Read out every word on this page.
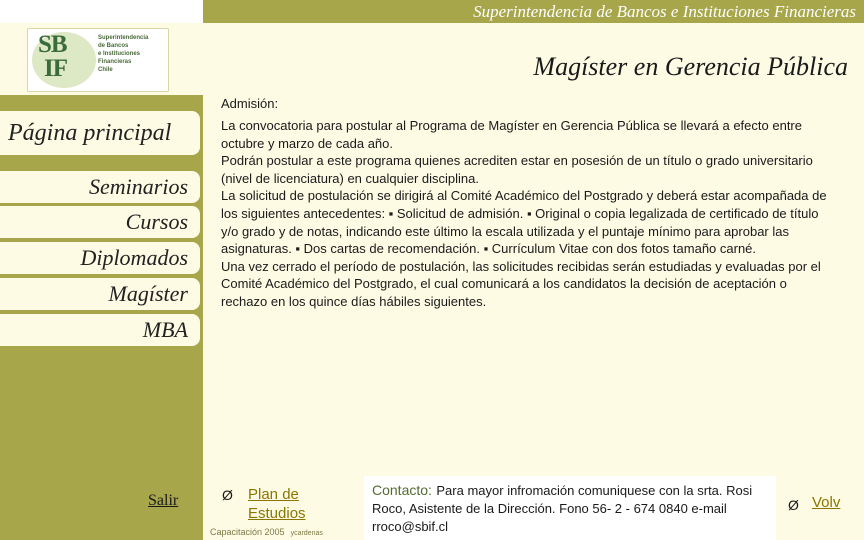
Superintendencia de Bancos e Instituciones Financieras
SB
IF
Superintendencia
de Bancos
e Instituciones
Financieras
Chile	Magíster en Gerencia Pública
Página principal
Seminarios
Cursos
Diplomados
Magíster
MBA
Salir
Admisión:

La convocatoria para postular al Programa de Magíster en Gerencia Pública se llevará a efecto entre octubre y marzo de cada año.

Podrán postular a este programa quienes acrediten estar en posesión de un título o grado universitario (nivel de licenciatura) en cualquier disciplina.

La solicitud de postulación se dirigirá al Comité Académico del Postgrado y deberá estar acompañada de los siguientes antecedentes: ▪ Solicitud de admisión. ▪ Original o copia legalizada de certificado de título y/o grado y de notas, indicando este último la escala utilizada y el puntaje mínimo para aprobar las asignaturas. ▪ Dos cartas de recomendación. ▪ Currículum Vitae con dos fotos tamaño carné.

Una vez cerrado el período de postulación, las solicitudes recibidas serán estudiadas y evaluadas por el Comité Académico del Postgrado, el cual comunicará a los candidatos la decisión de aceptación o rechazo en los quince días hábiles siguientes.

Ø Plan de
Estudios
Contacto: Para mayor infromación comuniquese con la srta. Rosi Roco, Asistente de la Dirección. Fono 56- 2 - 674 0840 e-mail rroco@sbif.cl
Ø Volv
Capacitación 2005 ycardenas
